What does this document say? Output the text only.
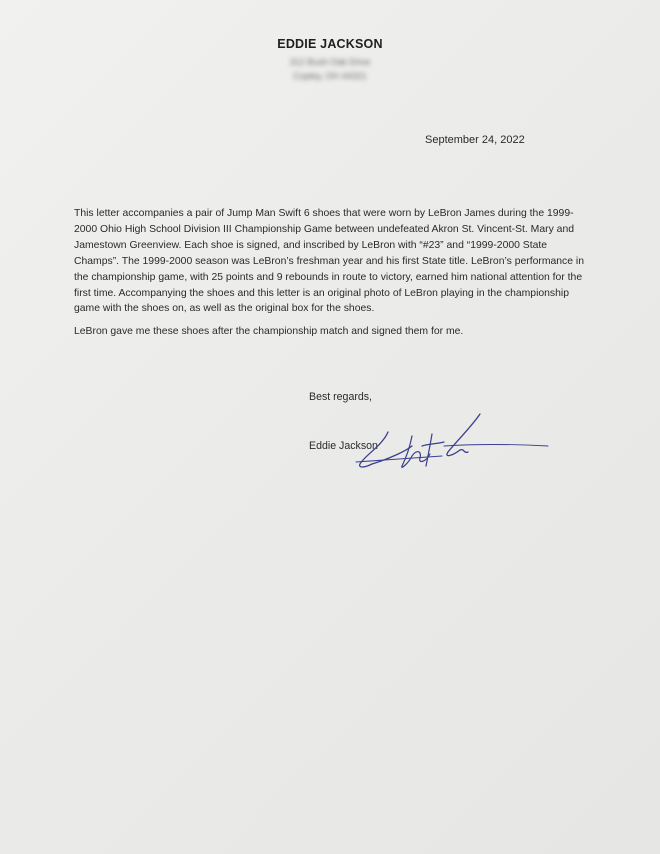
EDDIE JACKSON
312 Bush Oak Drive
Copley, OH 44321
September 24, 2022

This letter accompanies a pair of Jump Man Swift 6 shoes that were worn by LeBron James during the 1999-2000 Ohio High School Division III Championship Game between undefeated Akron St. Vincent-St. Mary and Jamestown Greenview. Each shoe is signed, and inscribed by LeBron with “#23” and “1999-2000 State Champs”. The 1999-2000 season was LeBron’s freshman year and his first State title. LeBron’s performance in the championship game, with 25 points and 9 rebounds in route to victory, earned him national attention for the first time. Accompanying the shoes and this letter is an original photo of LeBron playing in the championship game with the shoes on, as well as the original box for the shoes.

LeBron gave me these shoes after the championship match and signed them for me.

Best regards,
Eddie Jackson
